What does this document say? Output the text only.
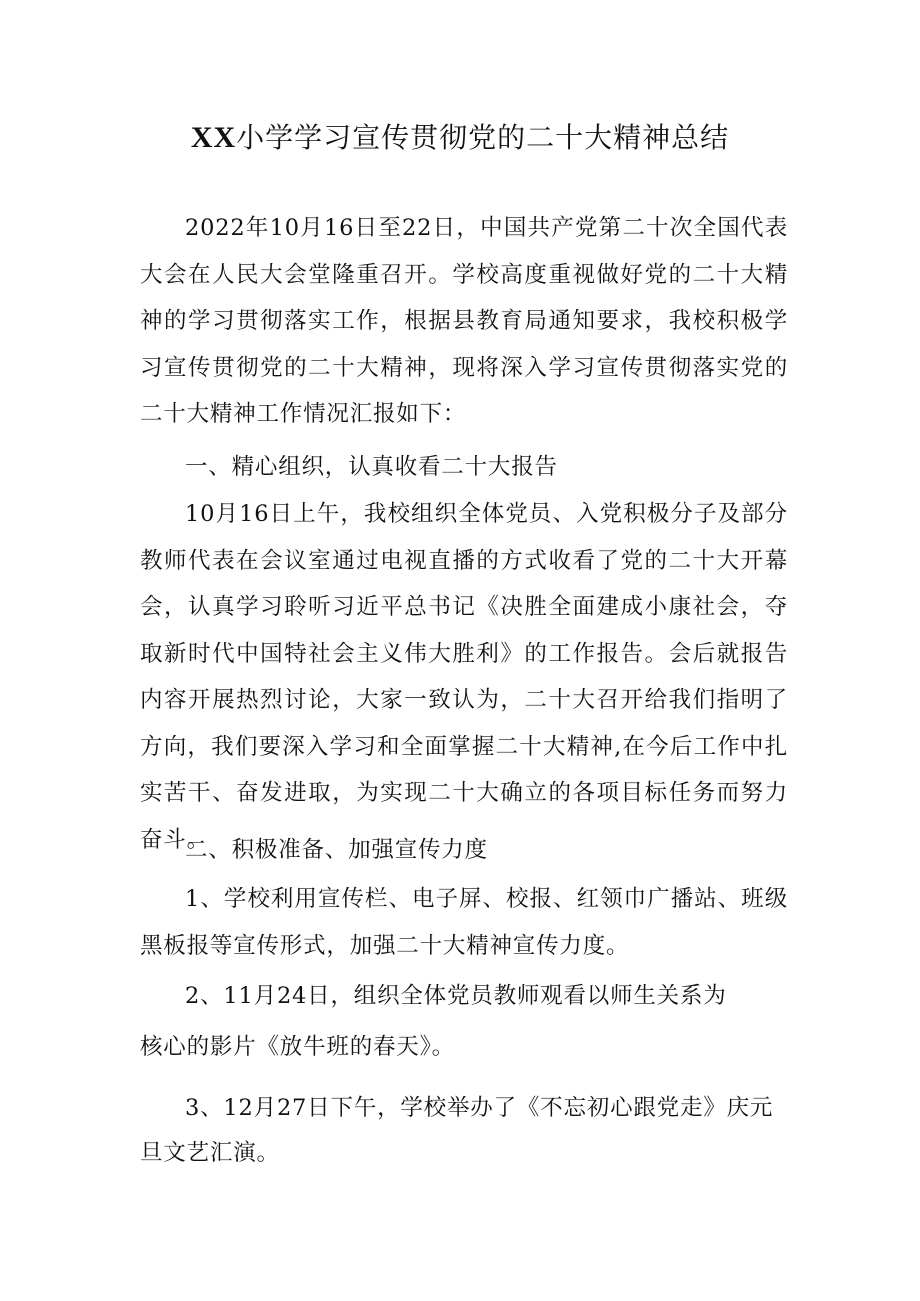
XX小学学习宣传贯彻党的二十大精神总结

2022年10月16日至22日，中国共产党第二十次全国代表大会在人民大会堂隆重召开。学校高度重视做好党的二十大精神的学习贯彻落实工作，根据县教育局通知要求，我校积极学习宣传贯彻党的二十大精神，现将深入学习宣传贯彻落实党的二十大精神工作情况汇报如下：

一、精心组织，认真收看二十大报告

10月16日上午，我校组织全体党员、入党积极分子及部分教师代表在会议室通过电视直播的方式收看了党的二十大开幕会，认真学习聆听习近平总书记《决胜全面建成小康社会，夺取新时代中国特社会主义伟大胜利》的工作报告。会后就报告内容开展热烈讨论，大家一致认为，二十大召开给我们指明了方向，我们要深入学习和全面掌握二十大精神,在今后工作中扎实苦干、奋发进取，为实现二十大确立的各项目标任务而努力奋斗。

二、积极准备、加强宣传力度

1、学校利用宣传栏、电子屏、校报、红领巾广播站、班级黑板报等宣传形式，加强二十大精神宣传力度。

2、11月24日，组织全体党员教师观看以师生关系为

核心的影片《放牛班的春天》。

3、12月27日下午，学校举办了《不忘初心跟党走》庆元

旦文艺汇演。
